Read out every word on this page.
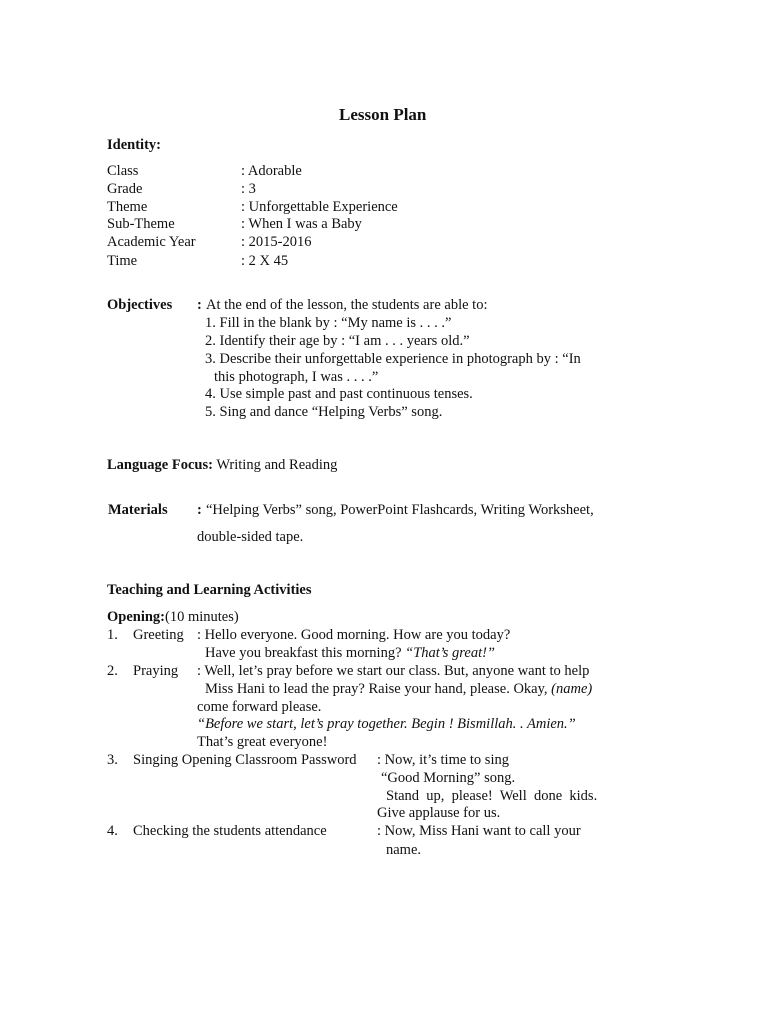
Lesson Plan
Identity:
Class	: Adorable
Grade	: 3
Theme	: Unforgettable Experience
Sub-Theme	: When I was a Baby
Academic Year	: 2015-2016
Time	: 2 X 45
Objectives : At the end of the lesson, the students are able to:
1. Fill in the blank by : “My name is . . . .”
2. Identify their age by : “I am . . . years old.”
3. Describe their unforgettable experience in photograph by : “In
this photograph, I was . . . .”
4. Use simple past and past continuous tenses.
5. Sing and dance “Helping Verbs” song.
Language Focus: Writing and Reading
Materials : “Helping Verbs” song, PowerPoint Flashcards, Writing Worksheet,
double-sided tape.
Teaching and Learning Activities
Opening:(10 minutes)
1. Greeting : Hello everyone. Good morning. How are you today?
Have you breakfast this morning? “That’s great!”
2. Praying : Well, let’s pray before we start our class. But, anyone want to help
Miss Hani to lead the pray? Raise your hand, please. Okay, (name)
come forward please.
“Before we start, let’s pray together. Begin ! Bismillah. . Amien.”
That’s great everyone!
3. Singing Opening Classroom Password : Now, it’s time to sing
“Good Morning” song.
Stand  up,  please!  Well  done  kids.
Give applause for us.
4. Checking the students attendance	: Now, Miss Hani want to call your
name.
